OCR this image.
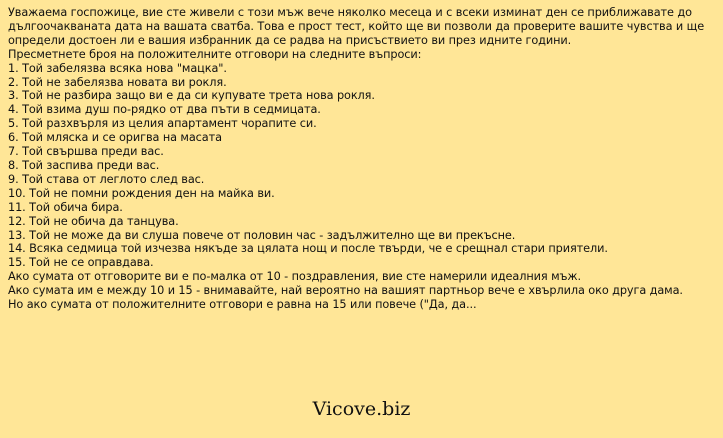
Уважаема госпожице, вие сте живели с този мъж вече няколко месеца и с всеки изминат ден се приближавате до дългоочакваната дата на вашата сватба. Това е прост тест, който ще ви позволи да проверите вашите чувства и ще определи достоен ли е вашия избранник да се радва на присъствието ви през идните години.
Пресметнете броя на положителните отговори на следните въпроси:
1. Той забелязва всяка нова "мацка".
2. Той не забелязва новата ви рокля.
3. Той не разбира защо ви е да си купувате трета нова рокля.
4. Той взима душ по-рядко от два пъти в седмицата.
5. Той разхвърля из целия апартамент чорапите си.
6. Той мляска и се оригва на масата
7. Той свършва преди вас.
8. Той заспива преди вас.
9. Той става от леглото след вас.
10. Той не помни рождения ден на майка ви.
11. Той обича бира.
12. Той не обича да танцува.
13. Той не може да ви слуша повече от половин час - задължително ще ви прекъсне.
14. Всяка седмица той изчезва някъде за цялата нощ и после твърди, че е срещнал стари приятели.
15. Той не се оправдава.
Ако сумата от отговорите ви е по-малка от 10 - поздравления, вие сте намерили идеалния мъж.
Ако сумата им е между 10 и 15 - внимавайте, най вероятно на вашият партньор вече е хвърлила око друга дама.
Но ако сумата от положителните отговори е равна на 15 или повече ("Да, да...
Vicove.biz
